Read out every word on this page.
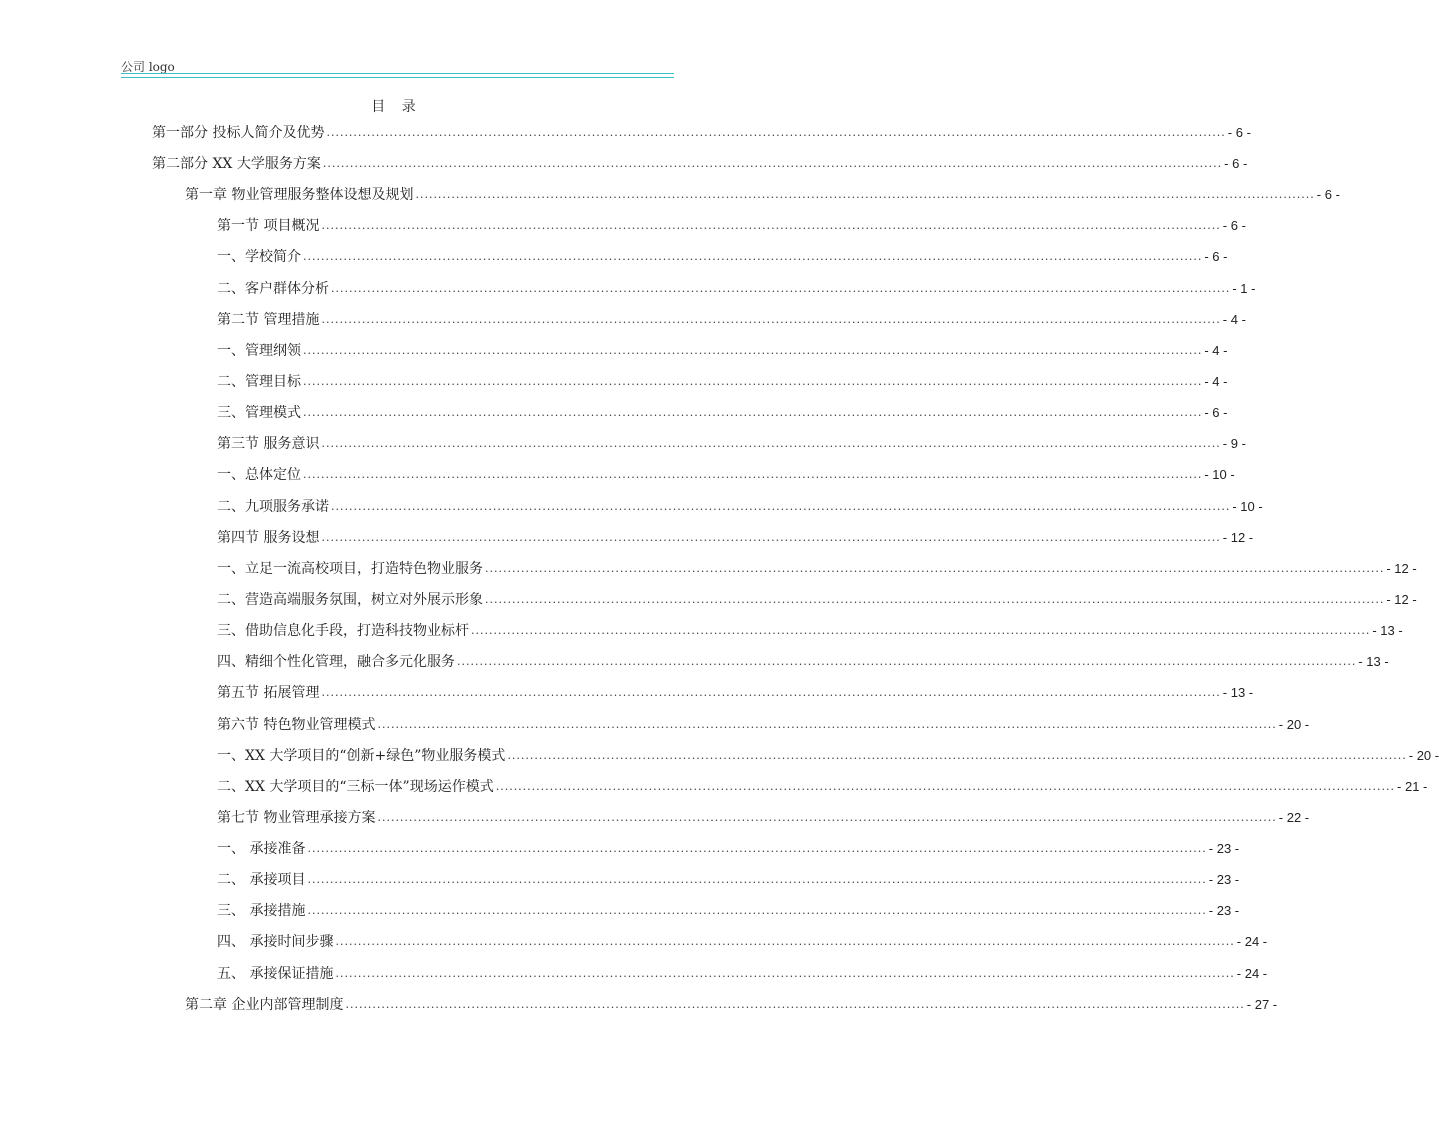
公司 logo
目 录
第一部分 投标人简介及优势 ........................................................................................................................................................................................................ - 6 -
第二部分 XX 大学服务方案 ........................................................................................................................................................................................................ - 6 -
第一章 物业管理服务整体设想及规划 ........................................................................................................................................................................................................ - 6 -
第一节 项目概况 ........................................................................................................................................................................................................ - 6 -
一、学校简介 ........................................................................................................................................................................................................ - 6 -
二、客户群体分析 ........................................................................................................................................................................................................ - 1 -
第二节 管理措施 ........................................................................................................................................................................................................ - 4 -
一、管理纲领 ........................................................................................................................................................................................................ - 4 -
二、管理目标 ........................................................................................................................................................................................................ - 4 -
三、管理模式 ........................................................................................................................................................................................................ - 6 -
第三节 服务意识 ........................................................................................................................................................................................................ - 9 -
一、总体定位 ........................................................................................................................................................................................................ - 10 -
二、九项服务承诺 ........................................................................................................................................................................................................ - 10 -
第四节 服务设想 ........................................................................................................................................................................................................ - 12 -
一、立足一流高校项目，打造特色物业服务 ........................................................................................................................................................................................................ - 12 -
二、营造高端服务氛围，树立对外展示形象 ........................................................................................................................................................................................................ - 12 -
三、借助信息化手段，打造科技物业标杆 ........................................................................................................................................................................................................ - 13 -
四、精细个性化管理，融合多元化服务 ........................................................................................................................................................................................................ - 13 -
第五节 拓展管理 ........................................................................................................................................................................................................ - 13 -
第六节 特色物业管理模式 ........................................................................................................................................................................................................ - 20 -
一、XX 大学项目的“创新+绿色”物业服务模式 ........................................................................................................................................................................................................ - 20 -
二、XX 大学项目的“三标一体”现场运作模式 ........................................................................................................................................................................................................ - 21 -
第七节 物业管理承接方案 ........................................................................................................................................................................................................ - 22 -
一、 承接准备 ........................................................................................................................................................................................................ - 23 -
二、 承接项目 ........................................................................................................................................................................................................ - 23 -
三、 承接措施 ........................................................................................................................................................................................................ - 23 -
四、 承接时间步骤 ........................................................................................................................................................................................................ - 24 -
五、 承接保证措施 ........................................................................................................................................................................................................ - 24 -
第二章 企业内部管理制度 ........................................................................................................................................................................................................ - 27 -
